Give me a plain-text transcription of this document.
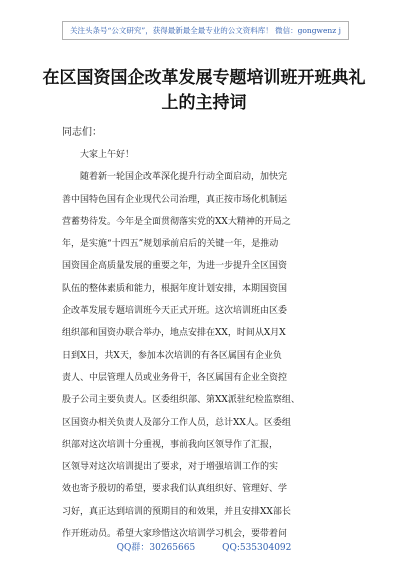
关注头条号“公文研究”，获得最新最全最专业的公文资料库！ 微信：gongwenz j
在区国资国企改革发展专题培训班开班典礼上的主持词
同志们：
大家上午好！
随着新一轮国企改革深化提升行动全面启动，加快完
善中国特色国有企业现代公司治理，真正按市场化机制运
营蓄势待发。今年是全面贯彻落实党的XX大精神的开局之
年，是实施“十四五”规划承前启后的关键一年，是推动
国资国企高质量发展的重要之年，为进一步提升全区国资
队伍的整体素质和能力，根据年度计划安排，本期国资国
企改革发展专题培训班今天正式开班。这次培训班由区委
组织部和国资办联合举办，地点安排在XX，时间从X月X
日到X日，共X天，参加本次培训的有各区属国有企业负
责人、中层管理人员或业务骨干，各区属国有企业全资控
股子公司主要负责人。区委组织部、第XX派驻纪检监察组、
区国资办相关负责人及部分工作人员，总计XX人。区委组
织部对这次培训十分重视，事前我向区领导作了汇报，
区领导对这次培训提出了要求，对于增强培训工作的实
效也寄予殷切的希望，要求我们认真组织好、管理好、学
习好，真正达到培训的预期目的和效果，并且安排XX部长
作开班动员。希望大家珍惜这次培训学习机会，要带着问
QQ群：30265665	QQ:535304092
